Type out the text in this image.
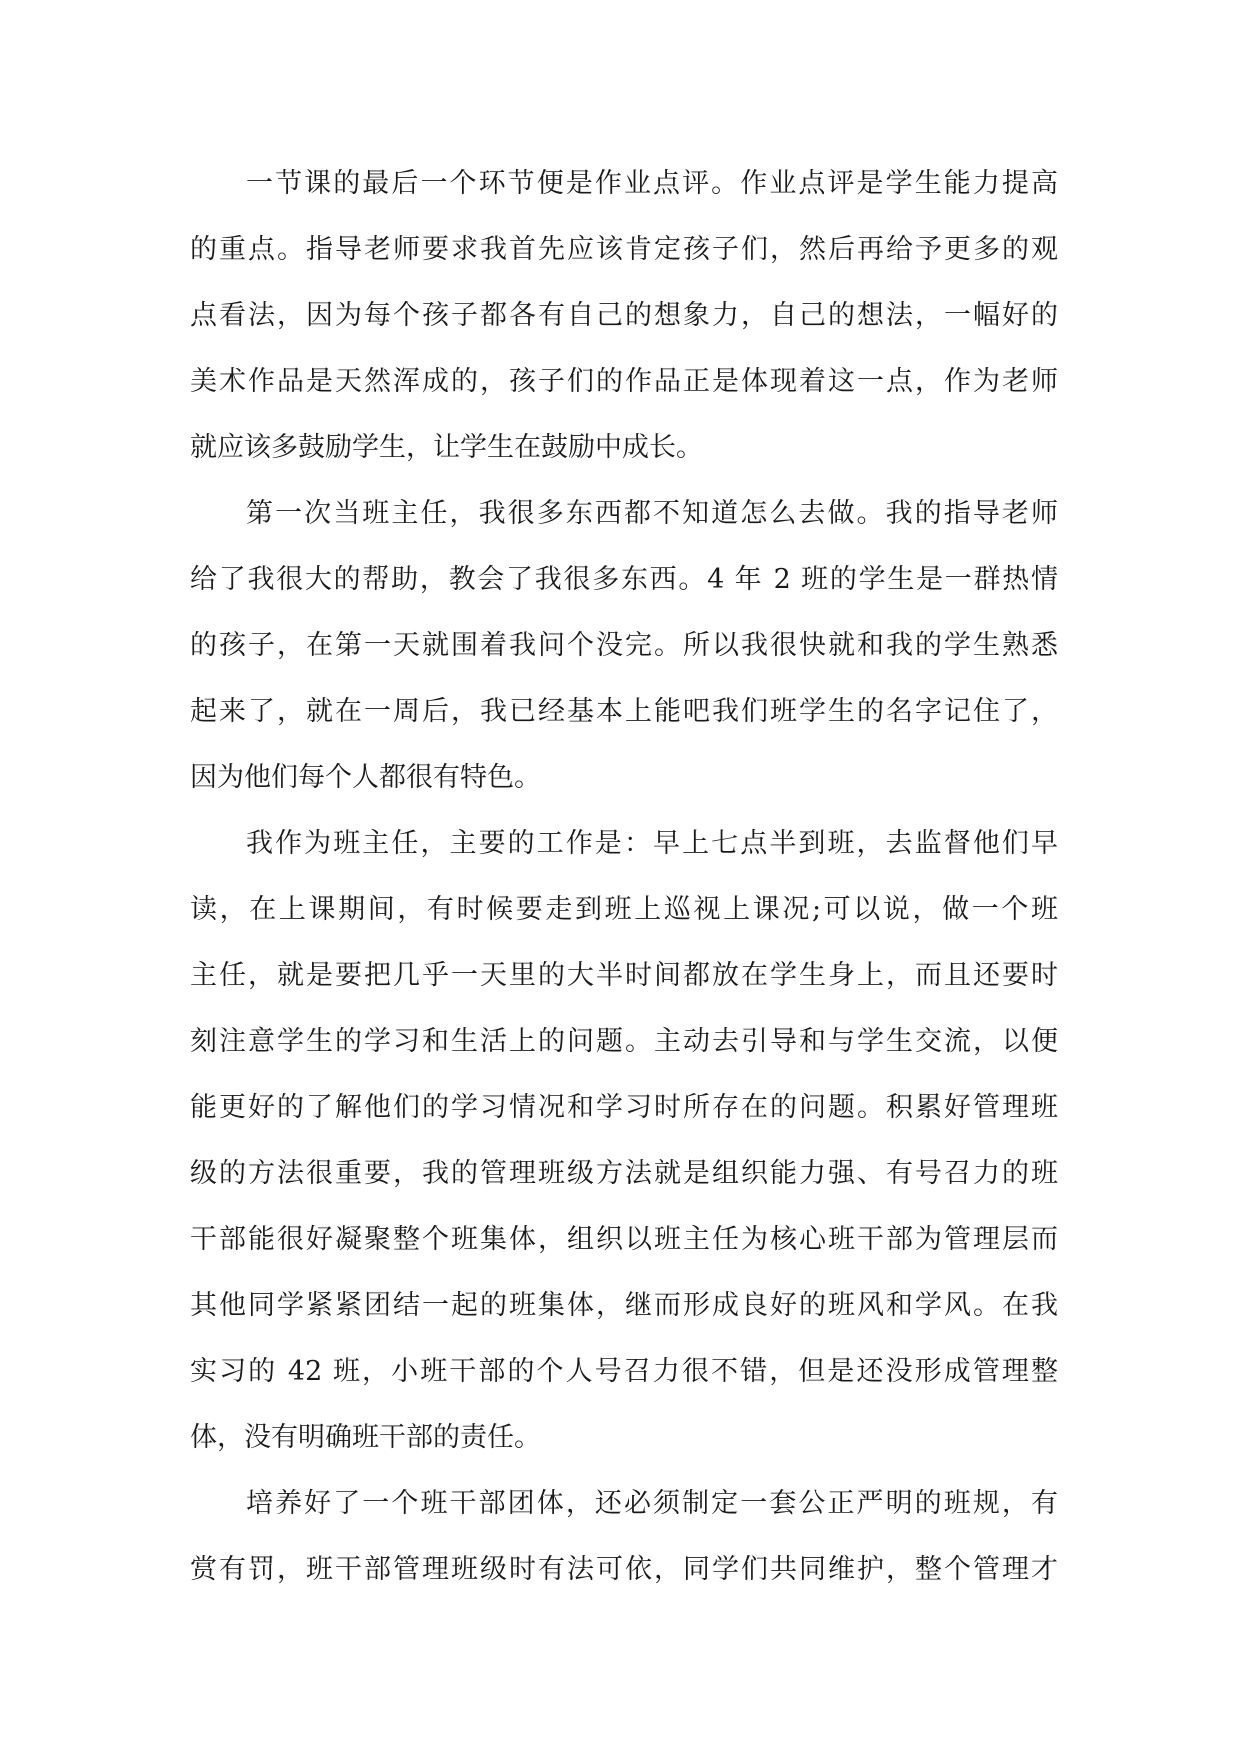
一节课的最后一个环节便是作业点评。作业点评是学生能力提高
的重点。指导老师要求我首先应该肯定孩子们，然后再给予更多的观
点看法，因为每个孩子都各有自己的想象力，自己的想法，一幅好的
美术作品是天然浑成的，孩子们的作品正是体现着这一点，作为老师
就应该多鼓励学生，让学生在鼓励中成长。
第一次当班主任，我很多东西都不知道怎么去做。我的指导老师
给了我很大的帮助，教会了我很多东西。4 年 2 班的学生是一群热情
的孩子，在第一天就围着我问个没完。所以我很快就和我的学生熟悉
起来了，就在一周后，我已经基本上能吧我们班学生的名字记住了，
因为他们每个人都很有特色。
我作为班主任，主要的工作是：早上七点半到班，去监督他们早
读，在上课期间，有时候要走到班上巡视上课况;可以说，做一个班
主任，就是要把几乎一天里的大半时间都放在学生身上，而且还要时
刻注意学生的学习和生活上的问题。主动去引导和与学生交流，以便
能更好的了解他们的学习情况和学习时所存在的问题。积累好管理班
级的方法很重要，我的管理班级方法就是组织能力强、有号召力的班
干部能很好凝聚整个班集体，组织以班主任为核心班干部为管理层而
其他同学紧紧团结一起的班集体，继而形成良好的班风和学风。在我
实习的 42 班，小班干部的个人号召力很不错，但是还没形成管理整
体，没有明确班干部的责任。
培养好了一个班干部团体，还必须制定一套公正严明的班规，有
赏有罚，班干部管理班级时有法可依，同学们共同维护，整个管理才
